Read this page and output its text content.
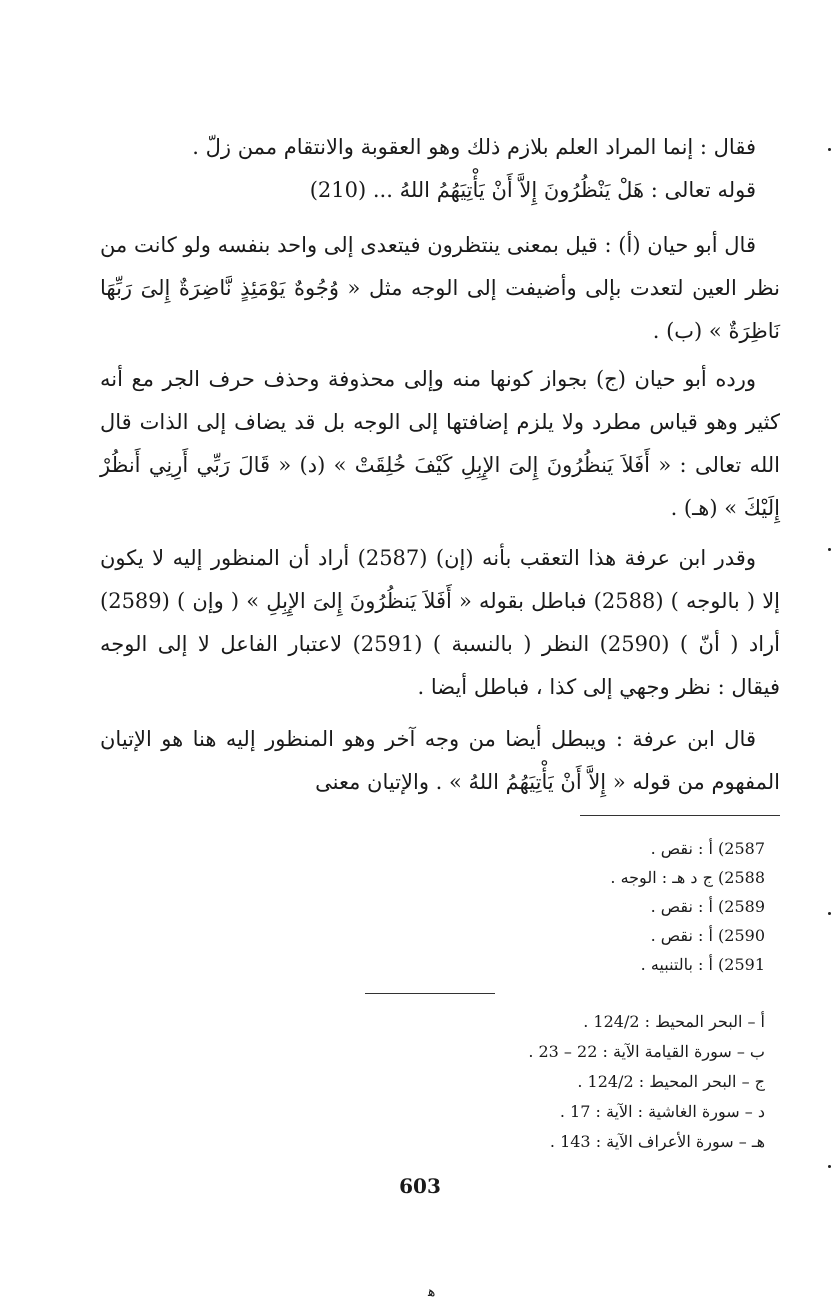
فقال : إنما المراد العلم بلازم ذلك وهو العقوبة والانتقام ممن زلّ .

قوله تعالى : هَلْ يَنْظُرُونَ إِلاَّ أَنْ يَأْتِيَهُمُ اللهُ ... (210)

قال أبو حيان (أ) : قيل بمعنى ينتظرون فيتعدى إلى واحد بنفسه ولو كانت من نظر العين لتعدت بإلى وأضيفت إلى الوجه مثل « وُجُوهٌ يَوْمَئِذٍ نَّاضِرَةٌ إِلىَ رَبِّهَا نَاظِرَةٌ » (ب) .

ورده أبو حيان (ج) بجواز كونها منه وإلى محذوفة وحذف حرف الجر مع أنه كثير وهو قياس مطرد ولا يلزم إضافتها إلى الوجه بل قد يضاف إلى الذات قال الله تعالى : « أَفَلاَ يَنظُرُونَ إِلىَ الإِبِلِ كَيْفَ خُلِقَتْ » (د) « قَالَ رَبِّي أَرِنِي أَنظُرْ إِلَيْكَ » (هـ) .

وقدر ابن عرفة هذا التعقب بأنه (إن) (2587) أراد أن المنظور إليه لا يكون إلا ( بالوجه ) (2588) فباطل بقوله « أَفَلاَ يَنظُرُونَ إِلىَ الإِبِلِ » ( وإن ) (2589) أراد ( أنّ ) (2590) النظر ( بالنسبة ) (2591) لاعتبار الفاعل لا إلى الوجه فيقال : نظر وجهي إلى كذا ، فباطل أيضا .

قال ابن عرفة : ويبطل أيضا من وجه آخر وهو المنظور إليه هنا هو الإتيان المفهوم من قوله « إِلاَّ أَنْ يَأْتِيَهُمُ اللهُ » . والإتيان معنى

2587) أ : نقص .
2588) ج د هـ : الوجه .
2589) أ : نقص .
2590) أ : نقص .
2591) أ : بالتنبيه .
أ – البحر المحيط : 124/2 .
ب – سورة القيامة الآية : 22 – 23 .
ج – البحر المحيط : 124/2 .
د – سورة الغاشية : الآية : 17 .
هـ – سورة الأعراف الآية : 143 .
603
ﻫ
